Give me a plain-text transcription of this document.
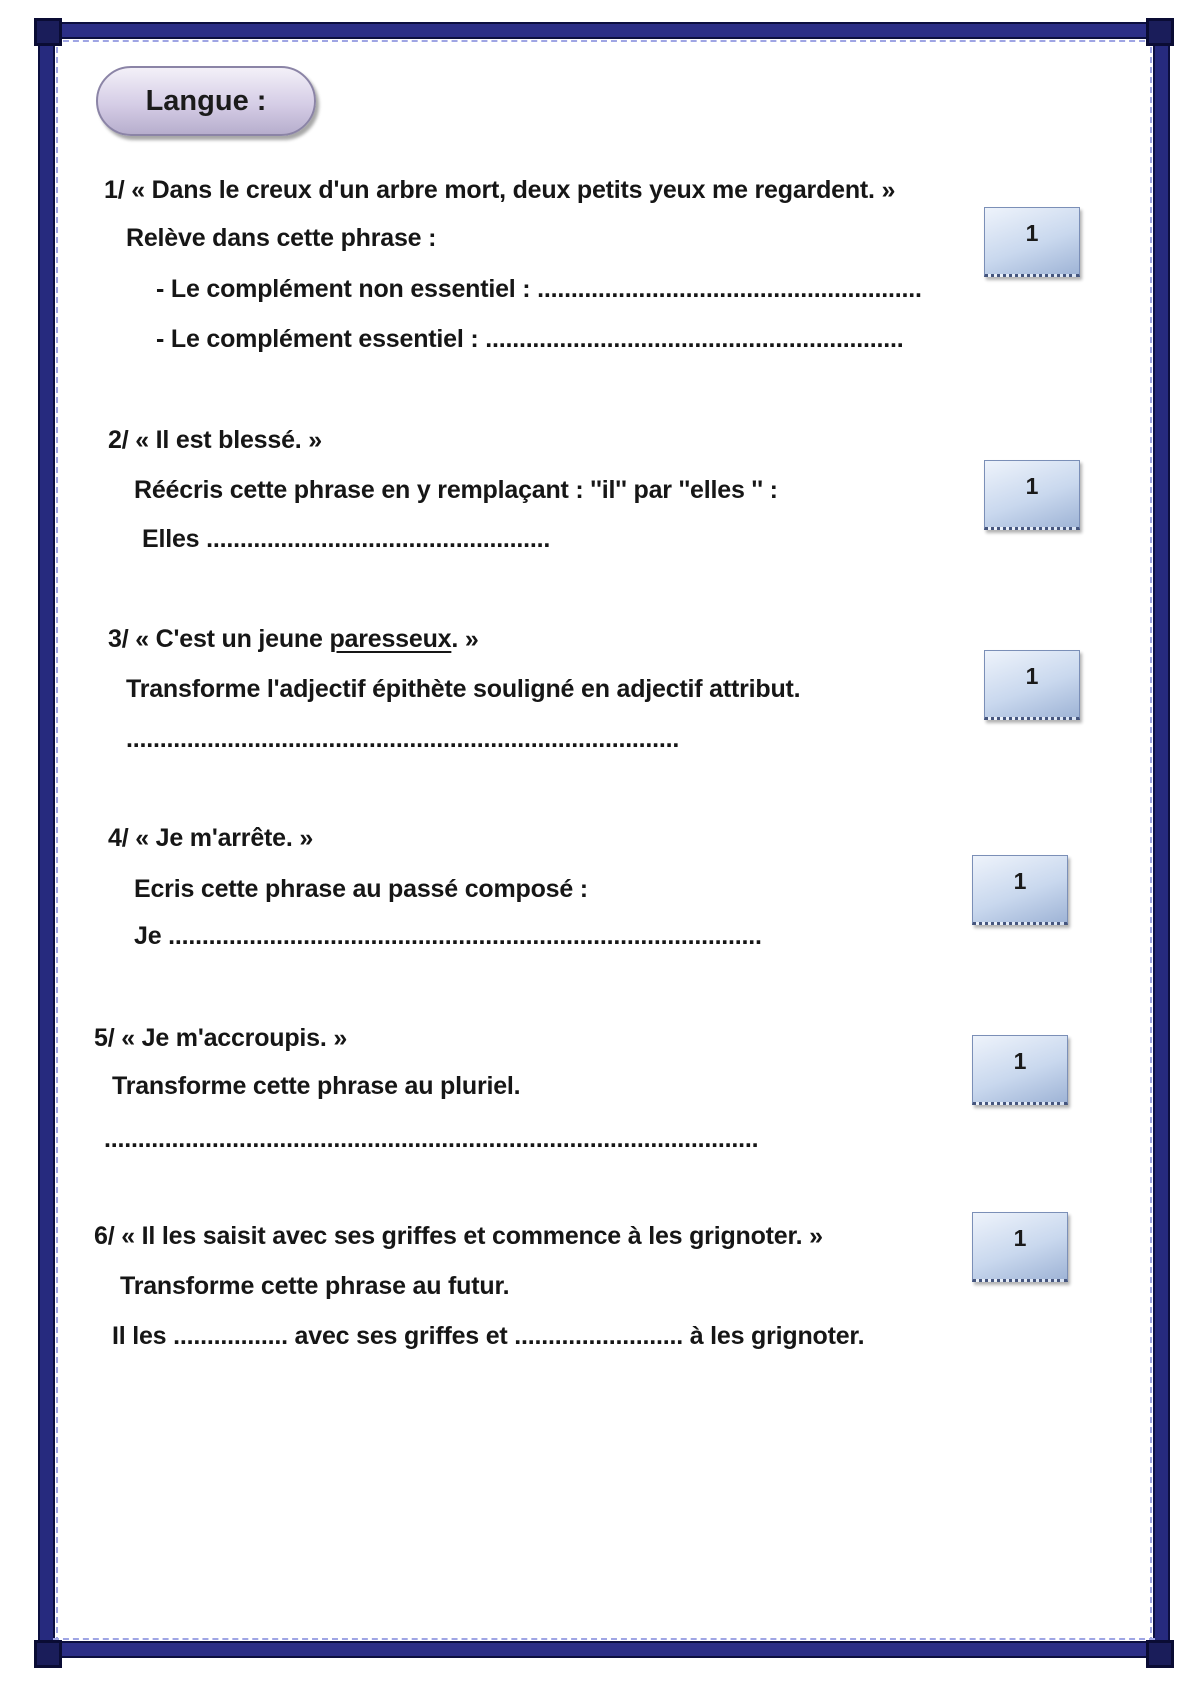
Langue :
1/ « Dans le creux d'un arbre mort, deux petits yeux me regardent. »
Relève dans cette phrase :	1
- Le complément non essentiel : .........................................................
- Le complément essentiel : ..............................................................
2/ « Il est blessé. »
Réécris cette phrase en y remplaçant : ''il'' par ''elles '' :	1
Elles ...................................................
3/ « C'est un jeune paresseux. »
Transforme l'adjectif épithète souligné en adjectif attribut.	1
..................................................................................
4/ « Je m'arrête. »
Ecris cette phrase au passé composé :	1
Je ........................................................................................
5/ « Je m'accroupis. »
Transforme cette phrase au pluriel.
1
.................................................................................................
6/ « Il les saisit avec ses griffes et commence à les grignoter. »	1
Transforme cette phrase au futur.
Il les ................. avec ses griffes et ......................... à les grignoter.
